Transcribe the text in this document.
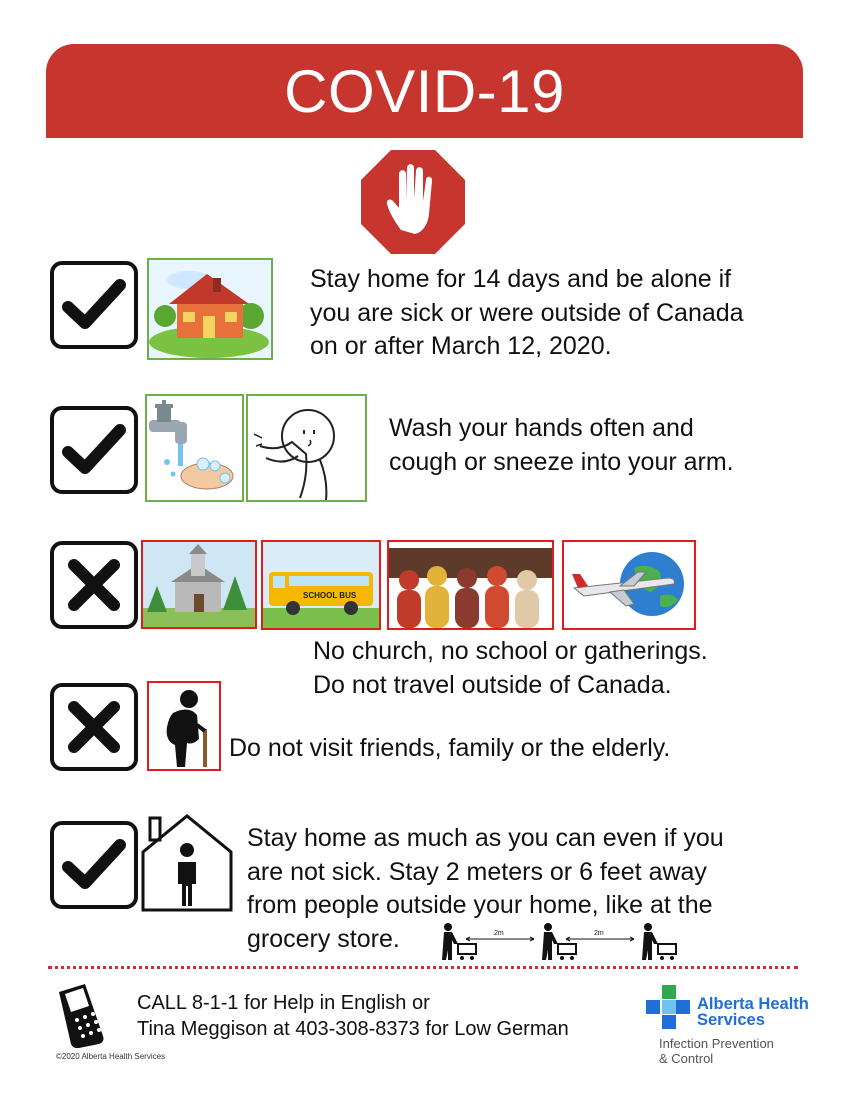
COVID-19
Stay home for 14 days and be alone if
you are sick or were outside of Canada
on or after March 12, 2020.
Wash your hands often and
cough or sneeze into your arm.
SCHOOL BUS
No church, no school or gatherings.
Do not travel outside of Canada.
Do not visit friends, family or the elderly.
Stay home as much as you can even if you
are not sick. Stay 2 meters or 6 feet away
from people outside your home, like at the
grocery store.	2m	2m
CALL 8-1-1 for Help in English or
Tina Meggison at 403-308-8373 for Low German
©2020 Alberta Health Services
Alberta Health
Services
Infection Prevention
& Control
